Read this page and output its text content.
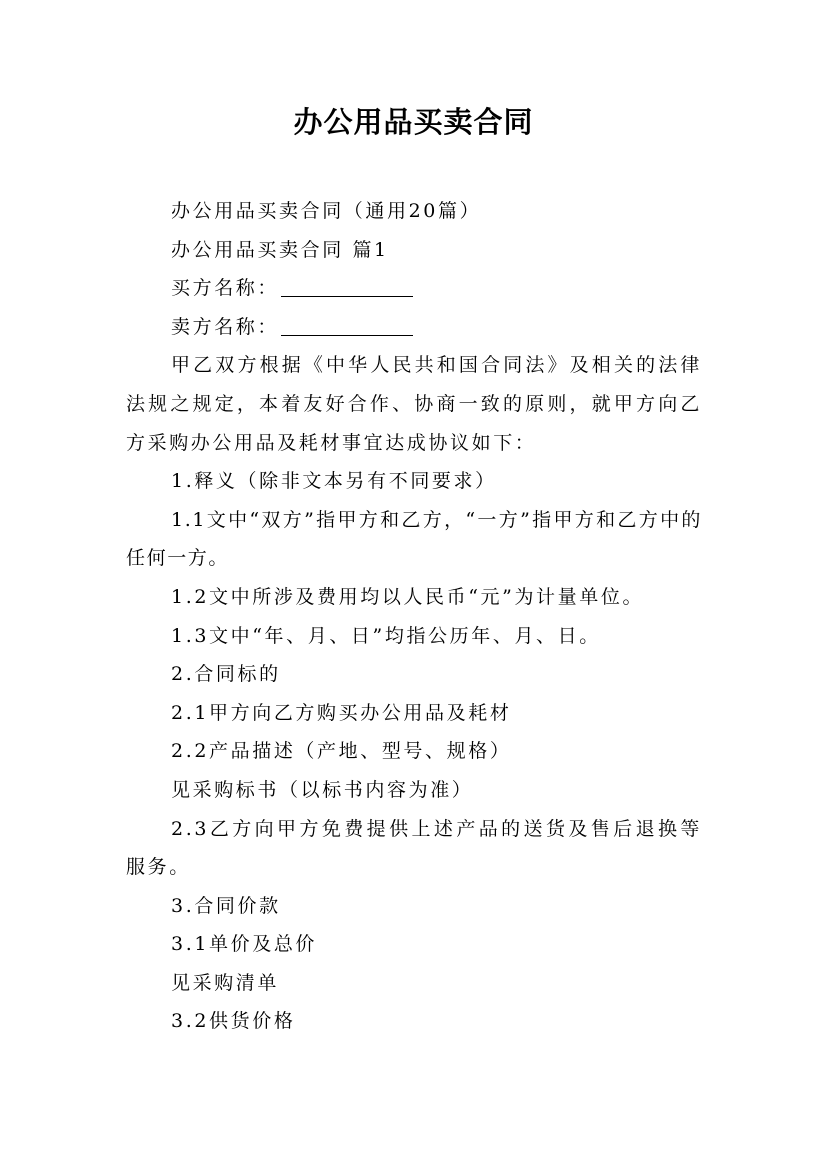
办公用品买卖合同

办公用品买卖合同（通用20篇）

办公用品买卖合同 篇1

买方名称：

卖方名称：

甲乙双方根据《中华人民共和国合同法》及相关的法律法规之规定，本着友好合作、协商一致的原则，就甲方向乙方采购办公用品及耗材事宜达成协议如下：

1.释义（除非文本另有不同要求）

1.1文中“双方”指甲方和乙方，“一方”指甲方和乙方中的任何一方。

1.2文中所涉及费用均以人民币“元”为计量单位。

1.3文中“年、月、日”均指公历年、月、日。

2.合同标的

2.1甲方向乙方购买办公用品及耗材

2.2产品描述（产地、型号、规格）

见采购标书（以标书内容为准）

2.3乙方向甲方免费提供上述产品的送货及售后退换等服务。

3.合同价款

3.1单价及总价

见采购清单

3.2供货价格
